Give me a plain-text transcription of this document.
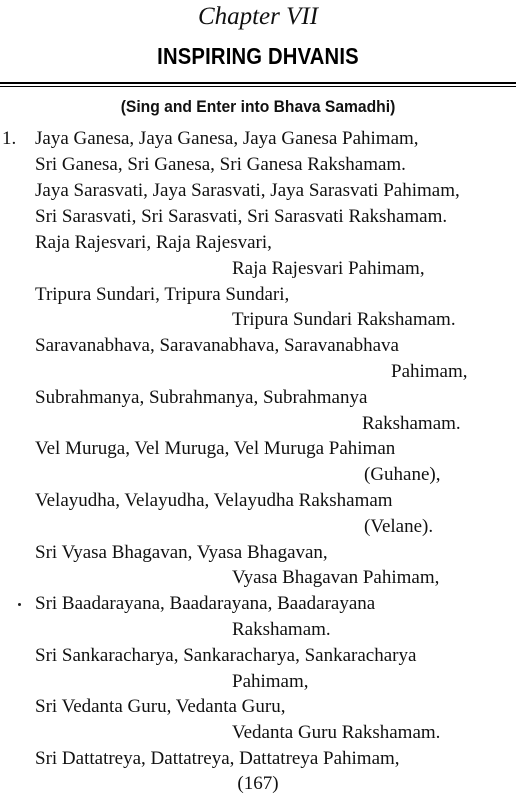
Chapter VII
INSPIRING DHVANIS
(Sing and Enter into Bhava Samadhi)
1. Jaya Ganesa, Jaya Ganesa, Jaya Ganesa Pahimam,
Sri Ganesa, Sri Ganesa, Sri Ganesa Rakshamam.
Jaya Sarasvati, Jaya Sarasvati, Jaya Sarasvati Pahimam,
Sri Sarasvati, Sri Sarasvati, Sri Sarasvati Rakshamam.
Raja Rajesvari, Raja Rajesvari,
Raja Rajesvari Pahimam,
Tripura Sundari, Tripura Sundari,
Tripura Sundari Rakshamam.
Saravanabhava, Saravanabhava, Saravanabhava
Pahimam,
Subrahmanya, Subrahmanya, Subrahmanya
Rakshamam.
Vel Muruga, Vel Muruga, Vel Muruga Pahiman
(Guhane),
Velayudha, Velayudha, Velayudha Rakshamam
(Velane).
Sri Vyasa Bhagavan, Vyasa Bhagavan,
Vyasa Bhagavan Pahimam,
Sri Baadarayana, Baadarayana, Baadarayana
Rakshamam.
Sri Sankaracharya, Sankaracharya, Sankaracharya
Pahimam,
Sri Vedanta Guru, Vedanta Guru,
Vedanta Guru Rakshamam.
Sri Dattatreya, Dattatreya, Dattatreya Pahimam,
(167)
